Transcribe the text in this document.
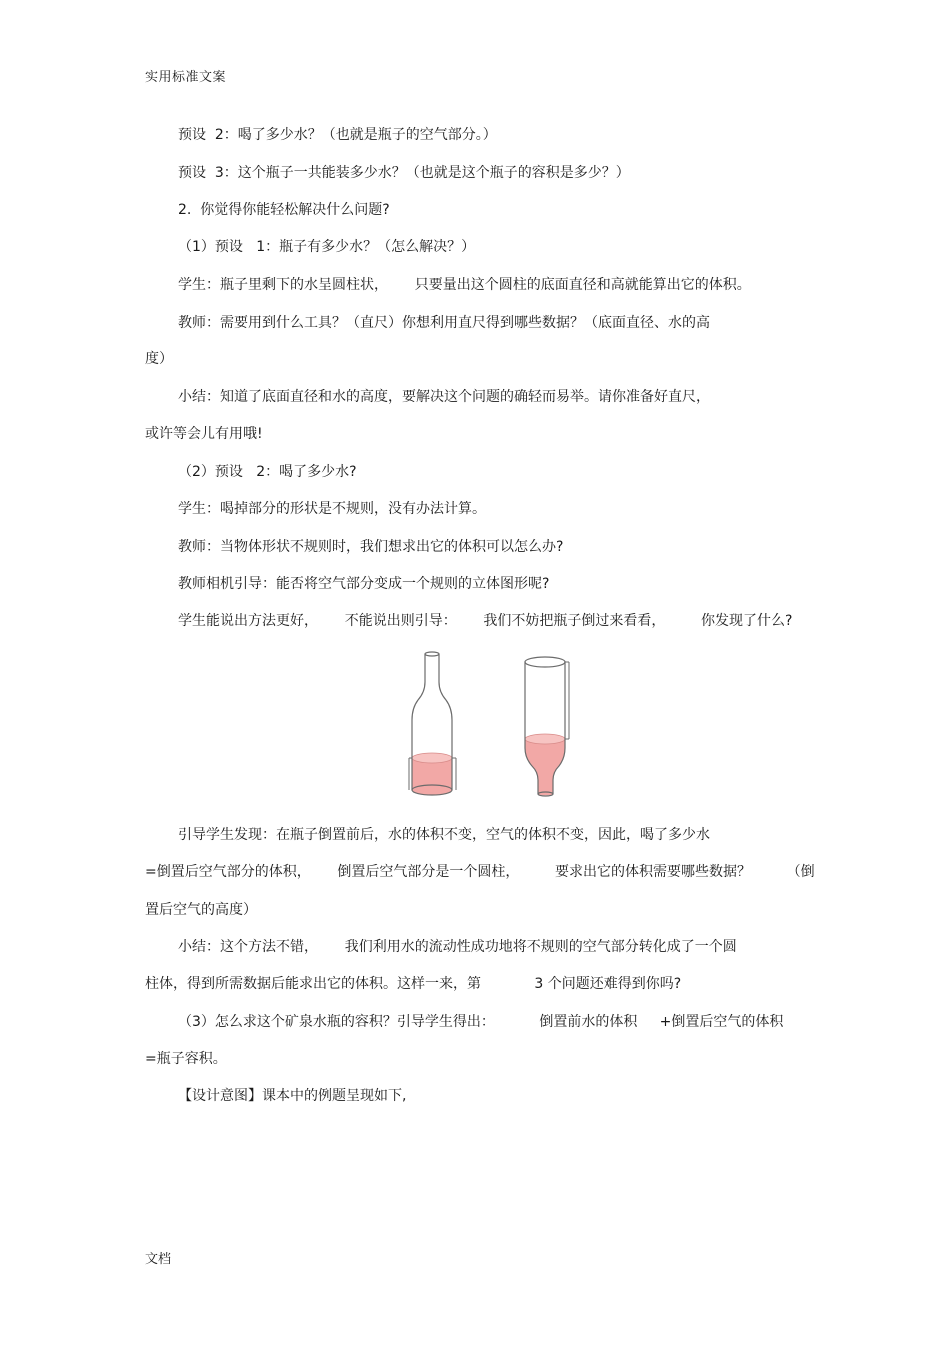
实用标准文案
预设  2：喝了多少水？（也就是瓶子的空气部分。）
预设  3：这个瓶子一共能装多少水？（也就是这个瓶子的容积是多少？）
2.  你觉得你能轻松解决什么问题?
（1）预设   1：瓶子有多少水？（怎么解决？）
学生：瓶子里剩下的水呈圆柱状，      只要量出这个圆柱的底面直径和高就能算出它的体积。
教师：需要用到什么工具？（直尺）你想利用直尺得到哪些数据？（底面直径、水的高
度）
小结：知道了底面直径和水的高度，要解决这个问题的确轻而易举。请你准备好直尺，
或许等会儿有用哦!
（2）预设   2：喝了多少水?
学生：喝掉部分的形状是不规则，没有办法计算。
教师：当物体形状不规则时，我们想求出它的体积可以怎么办?
教师相机引导：能否将空气部分变成一个规则的立体图形呢?
学生能说出方法更好，      不能说出则引导：      我们不妨把瓶子倒过来看看，        你发现了什么?
引导学生发现：在瓶子倒置前后，水的体积不变，空气的体积不变，因此，喝了多少水
=倒置后空气部分的体积，      倒置后空气部分是一个圆柱，        要求出它的体积需要哪些数据？        （倒
置后空气的高度）
小结：这个方法不错，      我们利用水的流动性成功地将不规则的空气部分转化成了一个圆
柱体，得到所需数据后能求出它的体积。这样一来，第            3 个问题还难得到你吗?
（3）怎么求这个矿泉水瓶的容积？引导学生得出：          倒置前水的体积     +倒置后空气的体积
=瓶子容积。
【设计意图】课本中的例题呈现如下,
文档
